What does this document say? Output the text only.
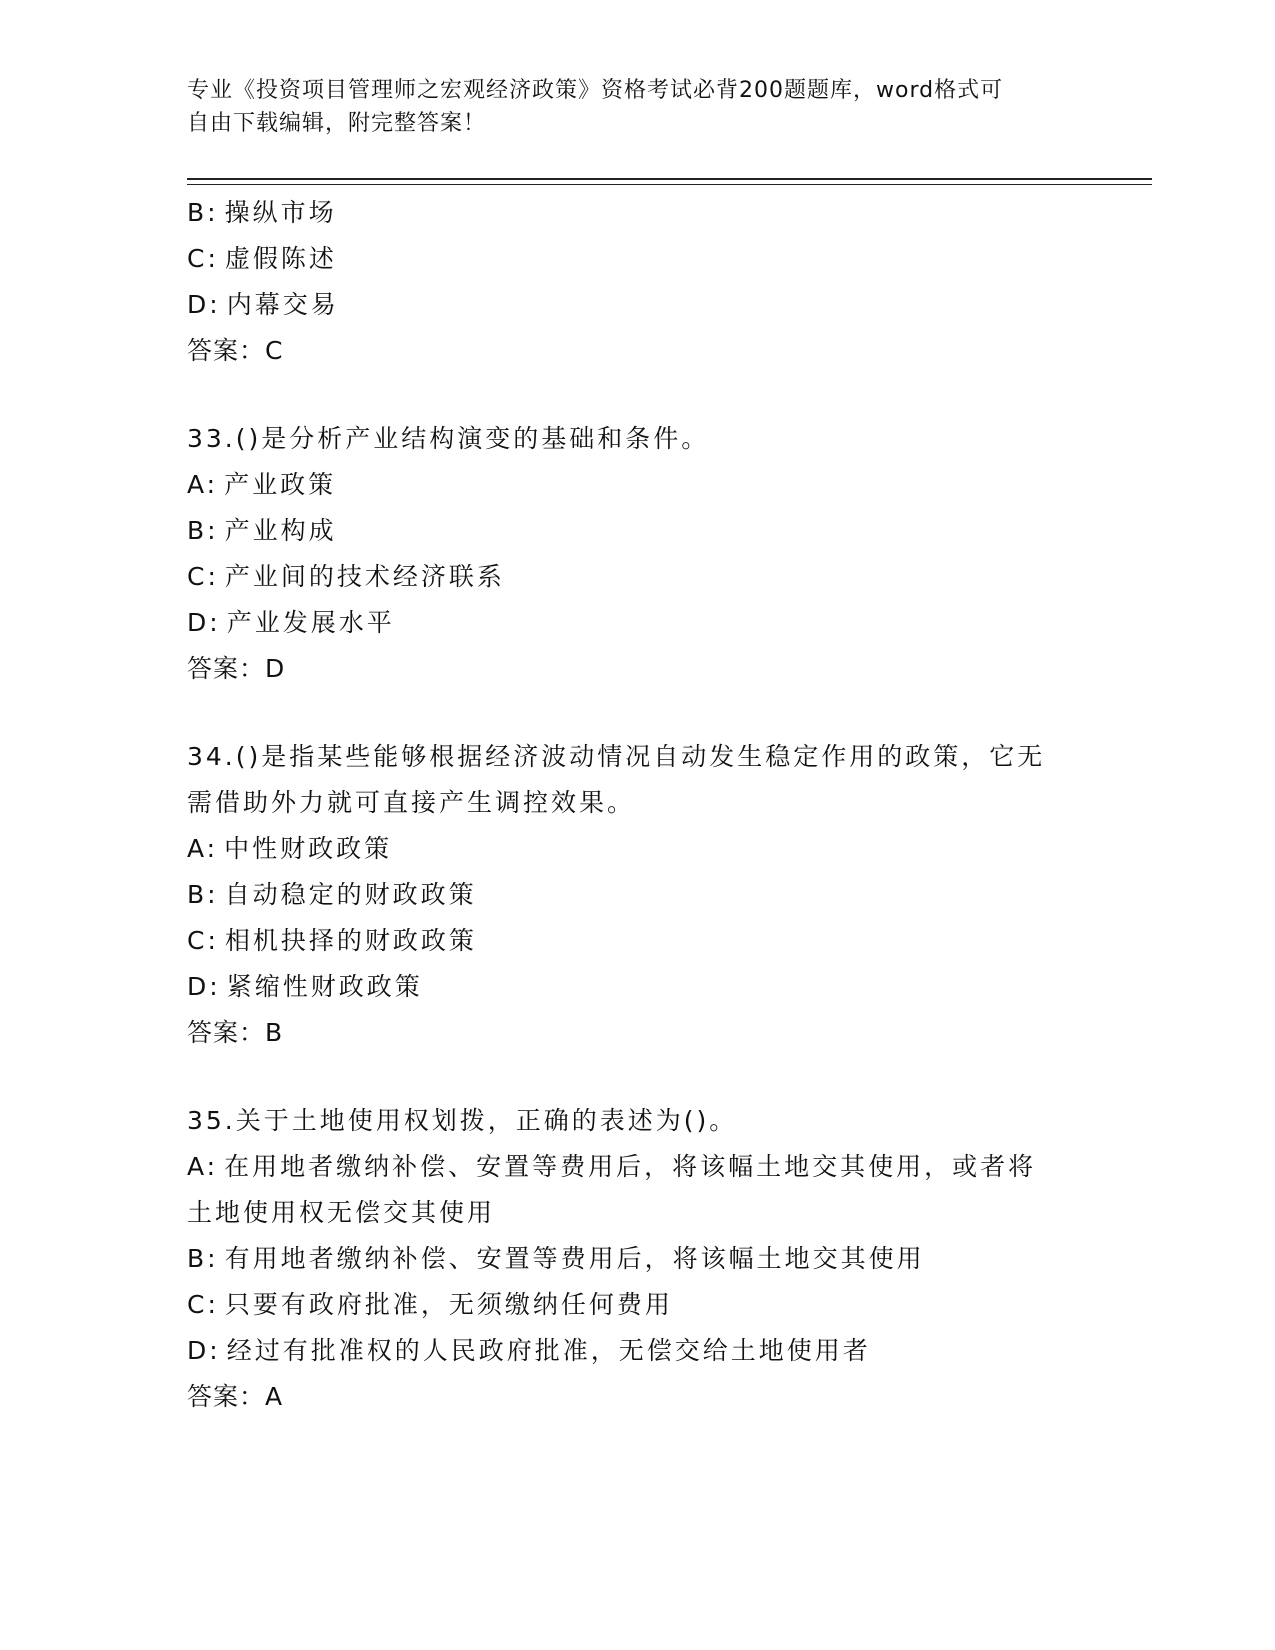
专业《投资项目管理师之宏观经济政策》资格考试必背200题题库，word格式可
自由下载编辑，附完整答案！
B: 操纵市场
C: 虚假陈述
D: 内幕交易
答案：C
33.()是分析产业结构演变的基础和条件。
A: 产业政策
B: 产业构成
C: 产业间的技术经济联系
D: 产业发展水平
答案：D
34.()是指某些能够根据经济波动情况自动发生稳定作用的政策，它无
需借助外力就可直接产生调控效果。
A: 中性财政政策
B: 自动稳定的财政政策
C: 相机抉择的财政政策
D: 紧缩性财政政策
答案：B
35.关于土地使用权划拨，正确的表述为()。
A: 在用地者缴纳补偿、安置等费用后，将该幅土地交其使用，或者将
土地使用权无偿交其使用
B: 有用地者缴纳补偿、安置等费用后，将该幅土地交其使用
C: 只要有政府批准，无须缴纳任何费用
D: 经过有批准权的人民政府批准，无偿交给土地使用者
答案：A
